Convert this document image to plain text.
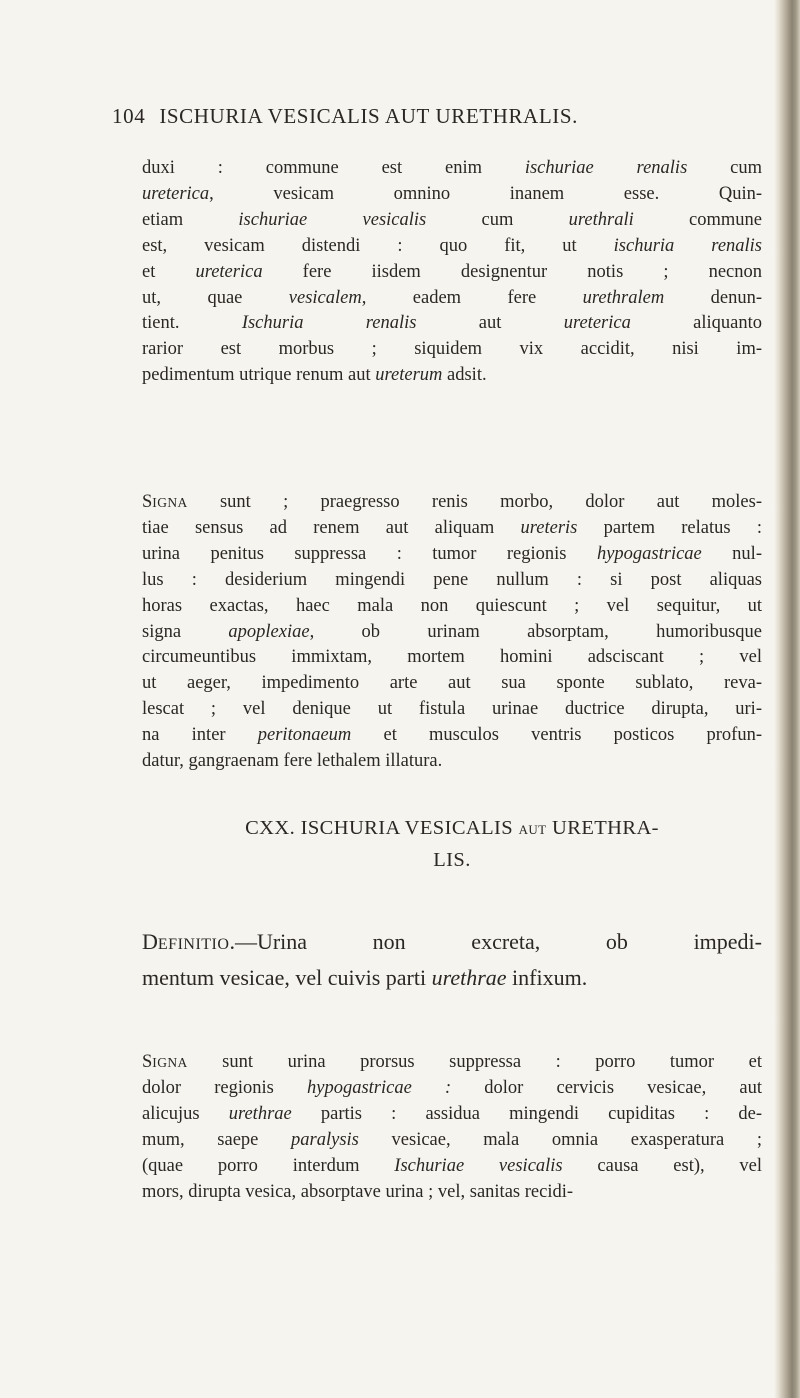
104 ISCHURIA VESICALIS AUT URETHRALIS.
duxi : commune est enim ischuriae renalis cum
ureterica, vesicam omnino inanem esse. Quin-
etiam ischuriae vesicalis cum urethrali commune
est, vesicam distendi : quo fit, ut ischuria renalis
et ureterica fere iisdem designentur notis ; necnon
ut, quae vesicalem, eadem fere urethralem denun-
tient. Ischuria renalis aut ureterica aliquanto
rarior est morbus ; siquidem vix accidit, nisi im-
pedimentum utrique renum aut ureterum adsit.
SIGNA sunt ; praegresso renis morbo, dolor aut moles-
tiae sensus ad renem aut aliquam ureteris partem relatus :
urina penitus suppressa : tumor regionis hypogastricae nul-
lus : desiderium mingendi pene nullum : si post aliquas
horas exactas, haec mala non quiescunt ; vel sequitur, ut
signa apoplexiae, ob urinam absorptam, humoribusque
circumeuntibus immixtam, mortem homini adsciscant ; vel
ut aeger, impedimento arte aut sua sponte sublato, reva-
lescat ; vel denique ut fistula urinae ductrice dirupta, uri-
na inter peritonaeum et musculos ventris posticos profun-
datur, gangraenam fere lethalem illatura.
CXX. ISCHURIA VESICALIS AUT URETHRA-
LIS.
DEFINITIO.—Urina non excreta, ob impedi-
mentum vesicae, vel cuivis parti urethrae infixum.
SIGNA sunt urina prorsus suppressa : porro tumor et
dolor regionis hypogastricae : dolor cervicis vesicae, aut
alicujus urethrae partis : assidua mingendi cupiditas : de-
mum, saepe paralysis vesicae, mala omnia exasperatura ;
(quae porro interdum Ischuriae vesicalis causa est), vel
mors, dirupta vesica, absorptave urina ; vel, sanitas recidi-
